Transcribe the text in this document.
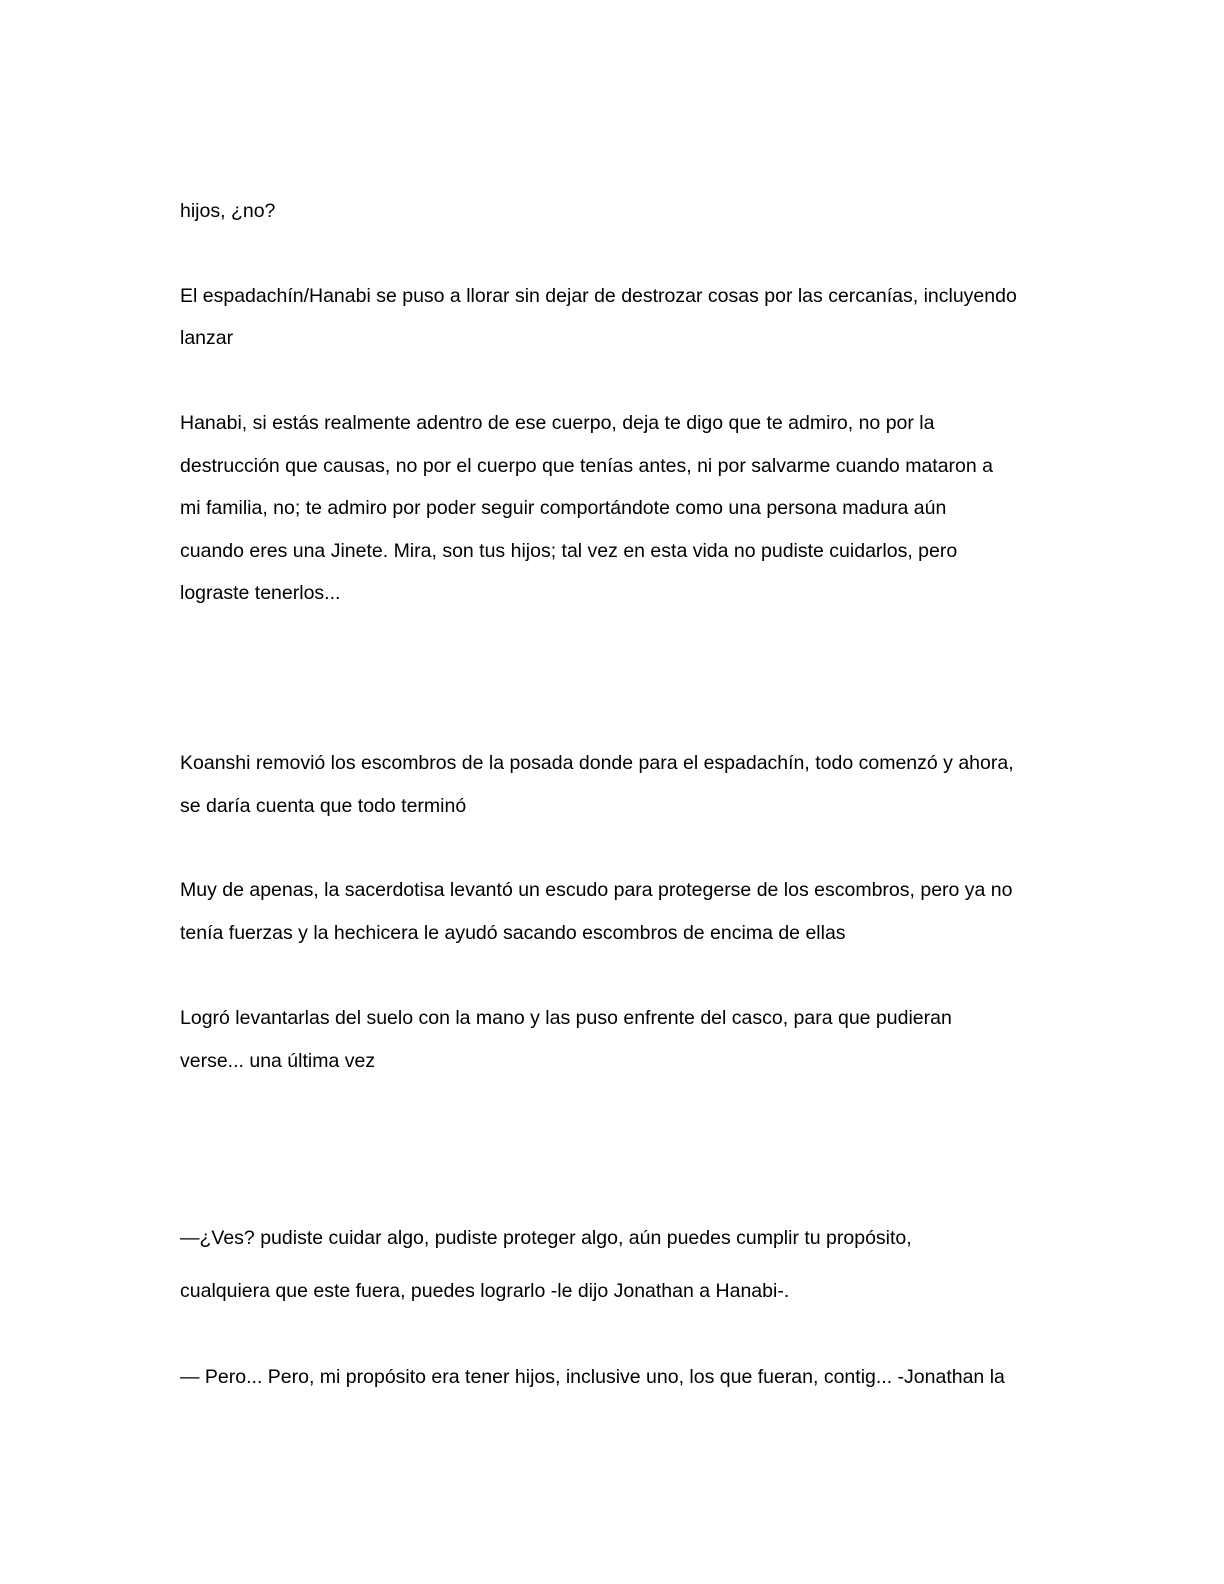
hijos, ¿no?

El espadachín/Hanabi se puso a llorar sin dejar de destrozar cosas por las cercanías, incluyendo

lanzar

Hanabi, si estás realmente adentro de ese cuerpo, deja te digo que te admiro, no por la

destrucción que causas, no por el cuerpo que tenías antes, ni por salvarme cuando mataron a

mi familia, no; te admiro por poder seguir comportándote como una persona madura aún

cuando eres una Jinete. Mira, son tus hijos; tal vez en esta vida no pudiste cuidarlos, pero

lograste tenerlos...

Koanshi removió los escombros de la posada donde para el espadachín, todo comenzó y ahora,

se daría cuenta que todo terminó

Muy de apenas, la sacerdotisa levantó un escudo para protegerse de los escombros, pero ya no

tenía fuerzas y la hechicera le ayudó sacando escombros de encima de ellas

Logró levantarlas del suelo con la mano y las puso enfrente del casco, para que pudieran

verse... una última vez

—¿Ves? pudiste cuidar algo, pudiste proteger algo, aún puedes cumplir tu propósito,

cualquiera que este fuera, puedes lograrlo -le dijo Jonathan a Hanabi-.

— Pero... Pero, mi propósito era tener hijos, inclusive uno, los que fueran, contig... -Jonathan la
